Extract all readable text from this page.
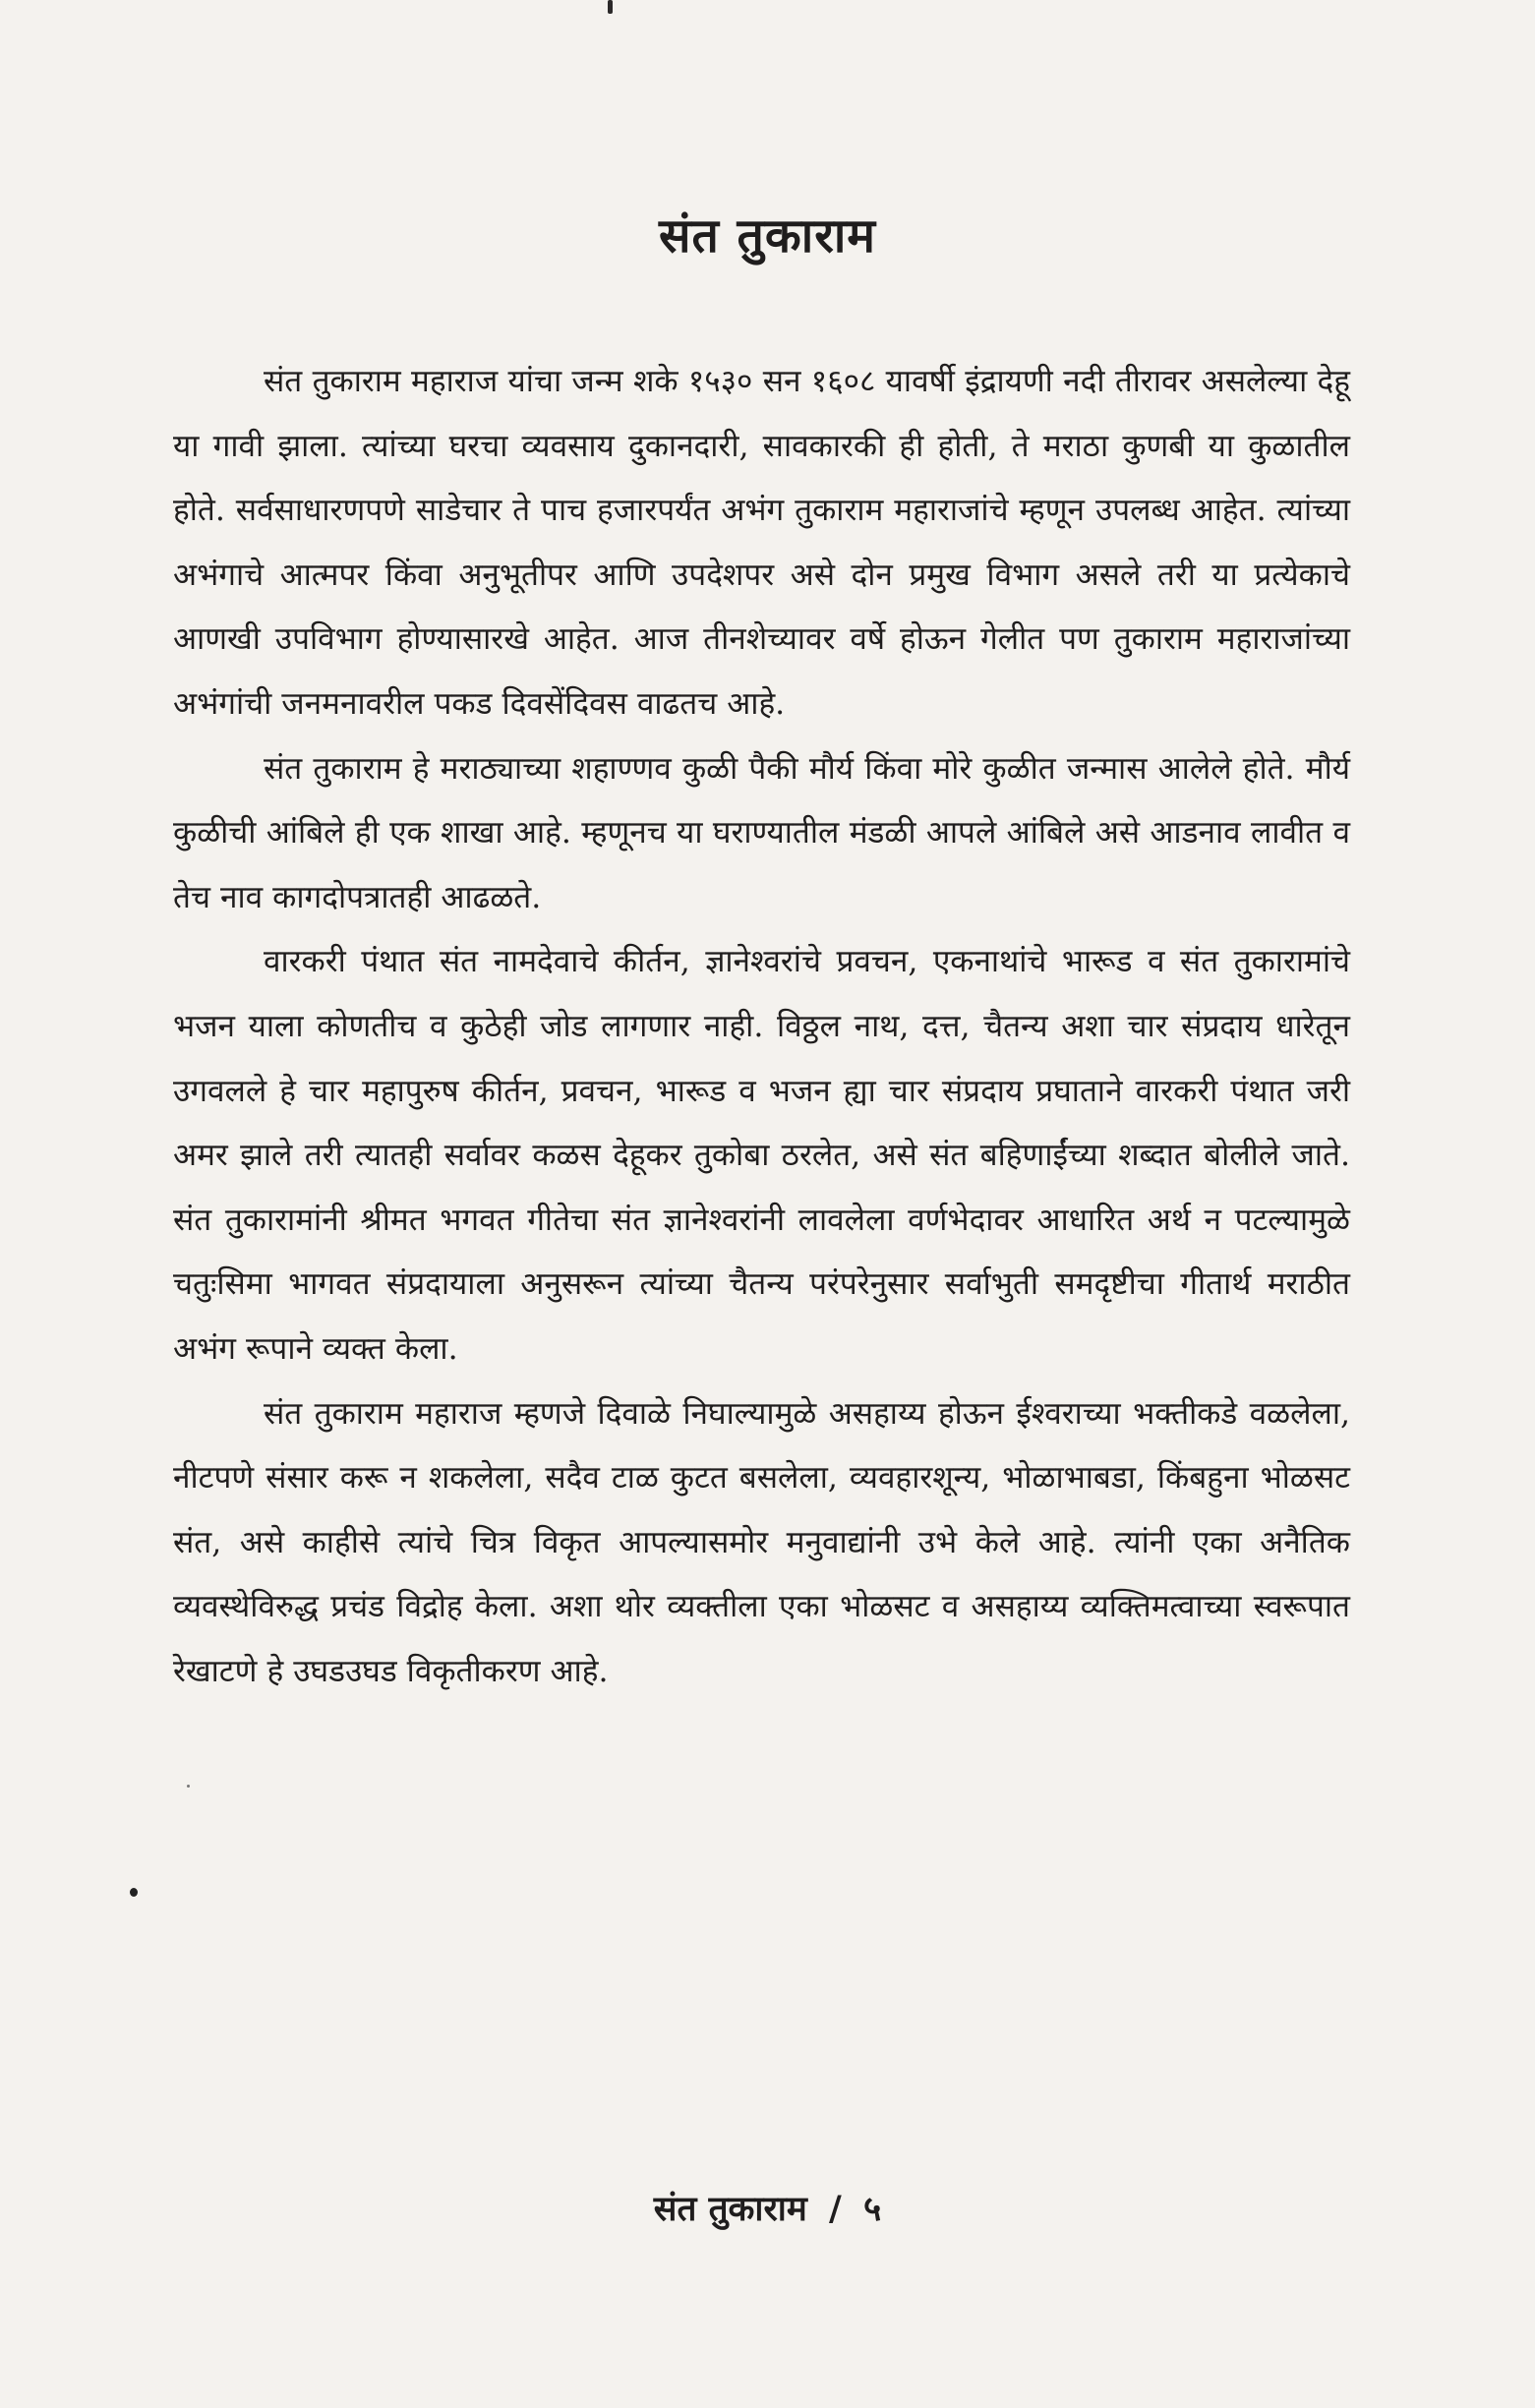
संत तुकाराम

संत तुकाराम महाराज यांचा जन्म शके १५३० सन १६०८ यावर्षी इंद्रायणी नदी तीरावर असलेल्या देहू या गावी झाला. त्यांच्या घरचा व्यवसाय दुकानदारी, सावकारकी ही होती, ते मराठा कुणबी या कुळातील होते. सर्वसाधारणपणे साडेचार ते पाच हजारपर्यंत अभंग तुकाराम महाराजांचे म्हणून उपलब्ध आहेत. त्यांच्या अभंगाचे आत्मपर किंवा अनुभूतीपर आणि उपदेशपर असे दोन प्रमुख विभाग असले तरी या प्रत्येकाचे आणखी उपविभाग होण्यासारखे आहेत. आज तीनशेच्यावर वर्षे होऊन गेलीत पण तुकाराम महाराजांच्या अभंगांची जनमनावरील पकड दिवसेंदिवस वाढतच आहे.

संत तुकाराम हे मराठ्याच्या शहाण्णव कुळी पैकी मौर्य किंवा मोरे कुळीत जन्मास आलेले होते. मौर्य कुळीची आंबिले ही एक शाखा आहे. म्हणूनच या घराण्यातील मंडळी आपले आंबिले असे आडनाव लावीत व तेच नाव कागदोपत्रातही आढळते.

वारकरी पंथात संत नामदेवाचे कीर्तन, ज्ञानेश्वरांचे प्रवचन, एकनाथांचे भारूड व संत तुकारामांचे भजन याला कोणतीच व कुठेही जोड लागणार नाही. विठ्ठल नाथ, दत्त, चैतन्य अशा चार संप्रदाय धारेतून उगवलले हे चार महापुरुष कीर्तन, प्रवचन, भारूड व भजन ह्या चार संप्रदाय प्रघाताने वारकरी पंथात जरी अमर झाले तरी त्यातही सर्वावर कळस देहूकर तुकोबा ठरलेत, असे संत बहिणाईंच्या शब्दात बोलीले जाते. संत तुकारामांनी श्रीमत भगवत गीतेचा संत ज्ञानेश्वरांनी लावलेला वर्णभेदावर आधारित अर्थ न पटल्यामुळे चतुःसिमा भागवत संप्रदायाला अनुसरून त्यांच्या चैतन्य परंपरेनुसार सर्वाभुती समदृष्टीचा गीतार्थ मराठीत अभंग रूपाने व्यक्त केला.

संत तुकाराम महाराज म्हणजे दिवाळे निघाल्यामुळे असहाय्य होऊन ईश्वराच्या भक्तीकडे वळलेला, नीटपणे संसार करू न शकलेला, सदैव टाळ कुटत बसलेला, व्यवहारशून्य, भोळाभाबडा, किंबहुना भोळसट संत, असे काहीसे त्यांचे चित्र विकृत आपल्यासमोर मनुवाद्यांनी उभे केले आहे. त्यांनी एका अनैतिक व्यवस्थेविरुद्ध प्रचंड विद्रोह केला. अशा थोर व्यक्तीला एका भोळसट व असहाय्य व्यक्तिमत्वाच्या स्वरूपात रेखाटणे हे उघडउघड विकृतीकरण आहे.

संत तुकाराम / ५
